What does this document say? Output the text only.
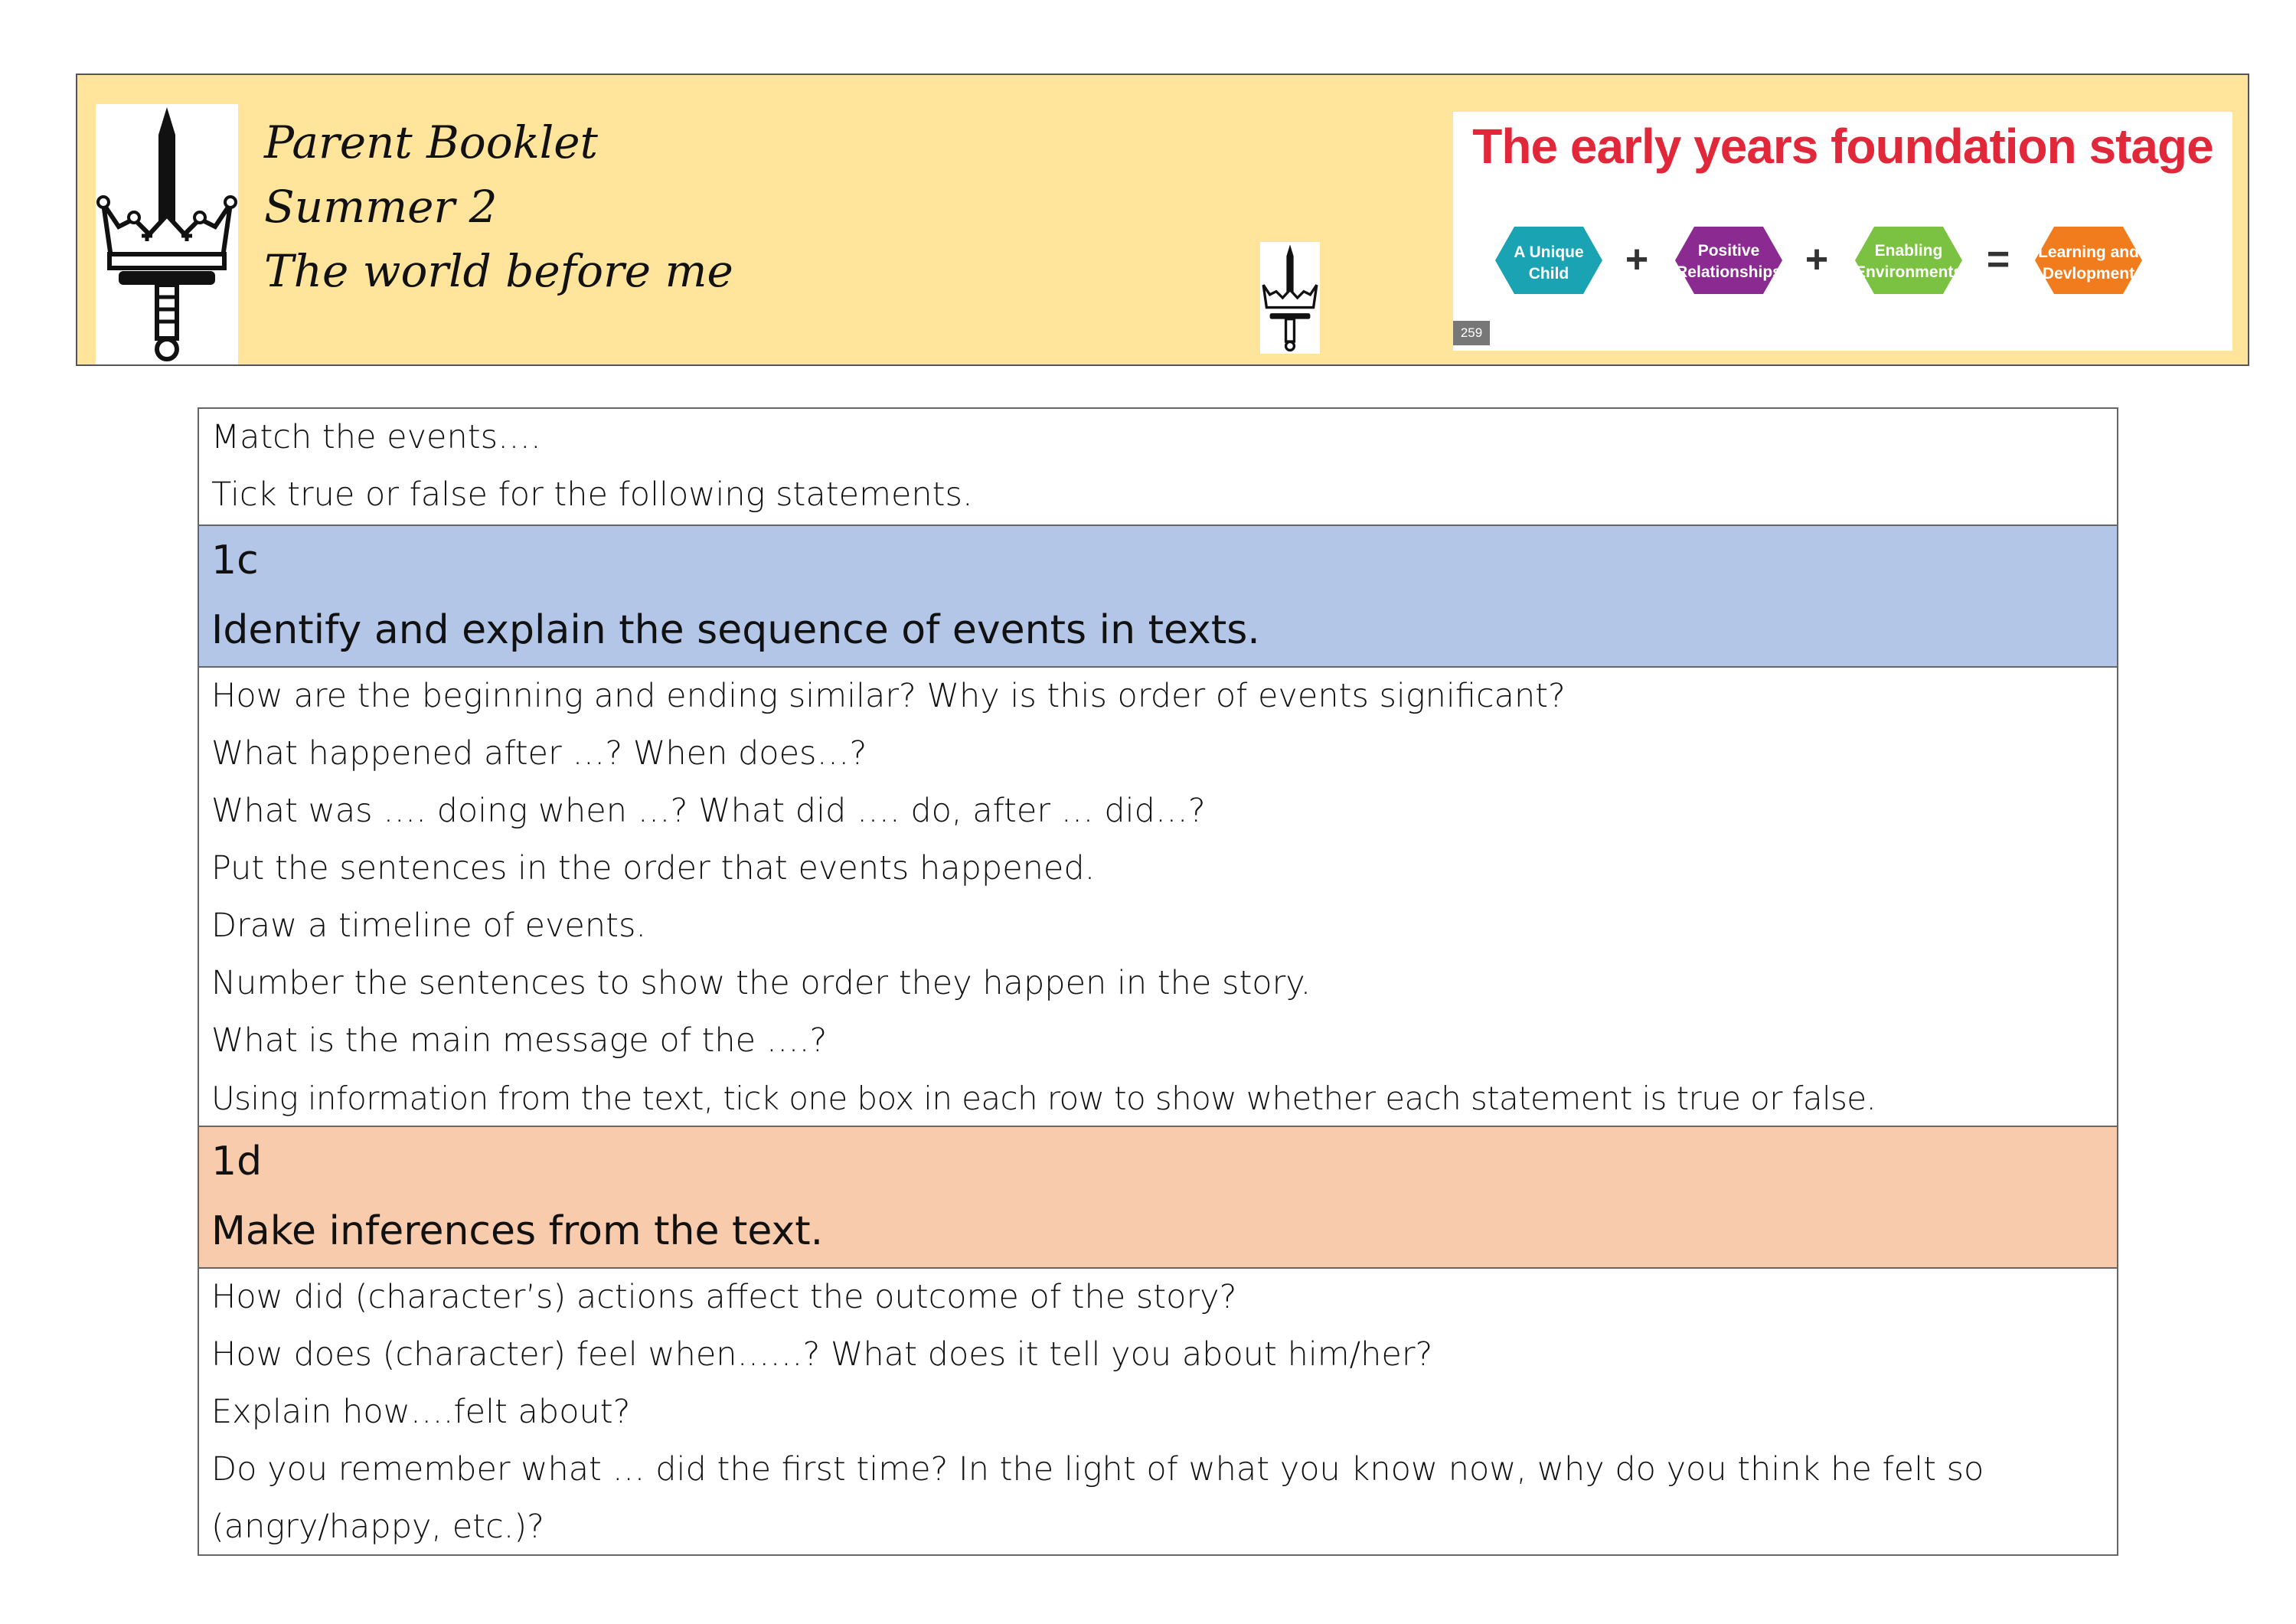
Parent Booklet
Summer 2
The world before me
The early years foundation stage
A Unique
Child
Positive
Relationships
Enabling
Environments
Learning and
Devlopment
+	+	=
259
Match the events….
Tick true or false for the following statements.
1c
Identify and explain the sequence of events in texts.
How are the beginning and ending similar? Why is this order of events significant?
What happened after …? When does…?
What was …. doing when …? What did …. do, after … did…?
Put the sentences in the order that events happened.
Draw a timeline of events.
Number the sentences to show the order they happen in the story.
What is the main message of the ….?
Using information from the text, tick one box in each row to show whether each statement is true or false.
1d
Make inferences from the text.
How did (character’s) actions affect the outcome of the story?
How does (character) feel when……? What does it tell you about him/her?
Explain how….felt about?
Do you remember what … did the first time? In the light of what you know now, why do you think he felt so (angry/happy, etc.)?
